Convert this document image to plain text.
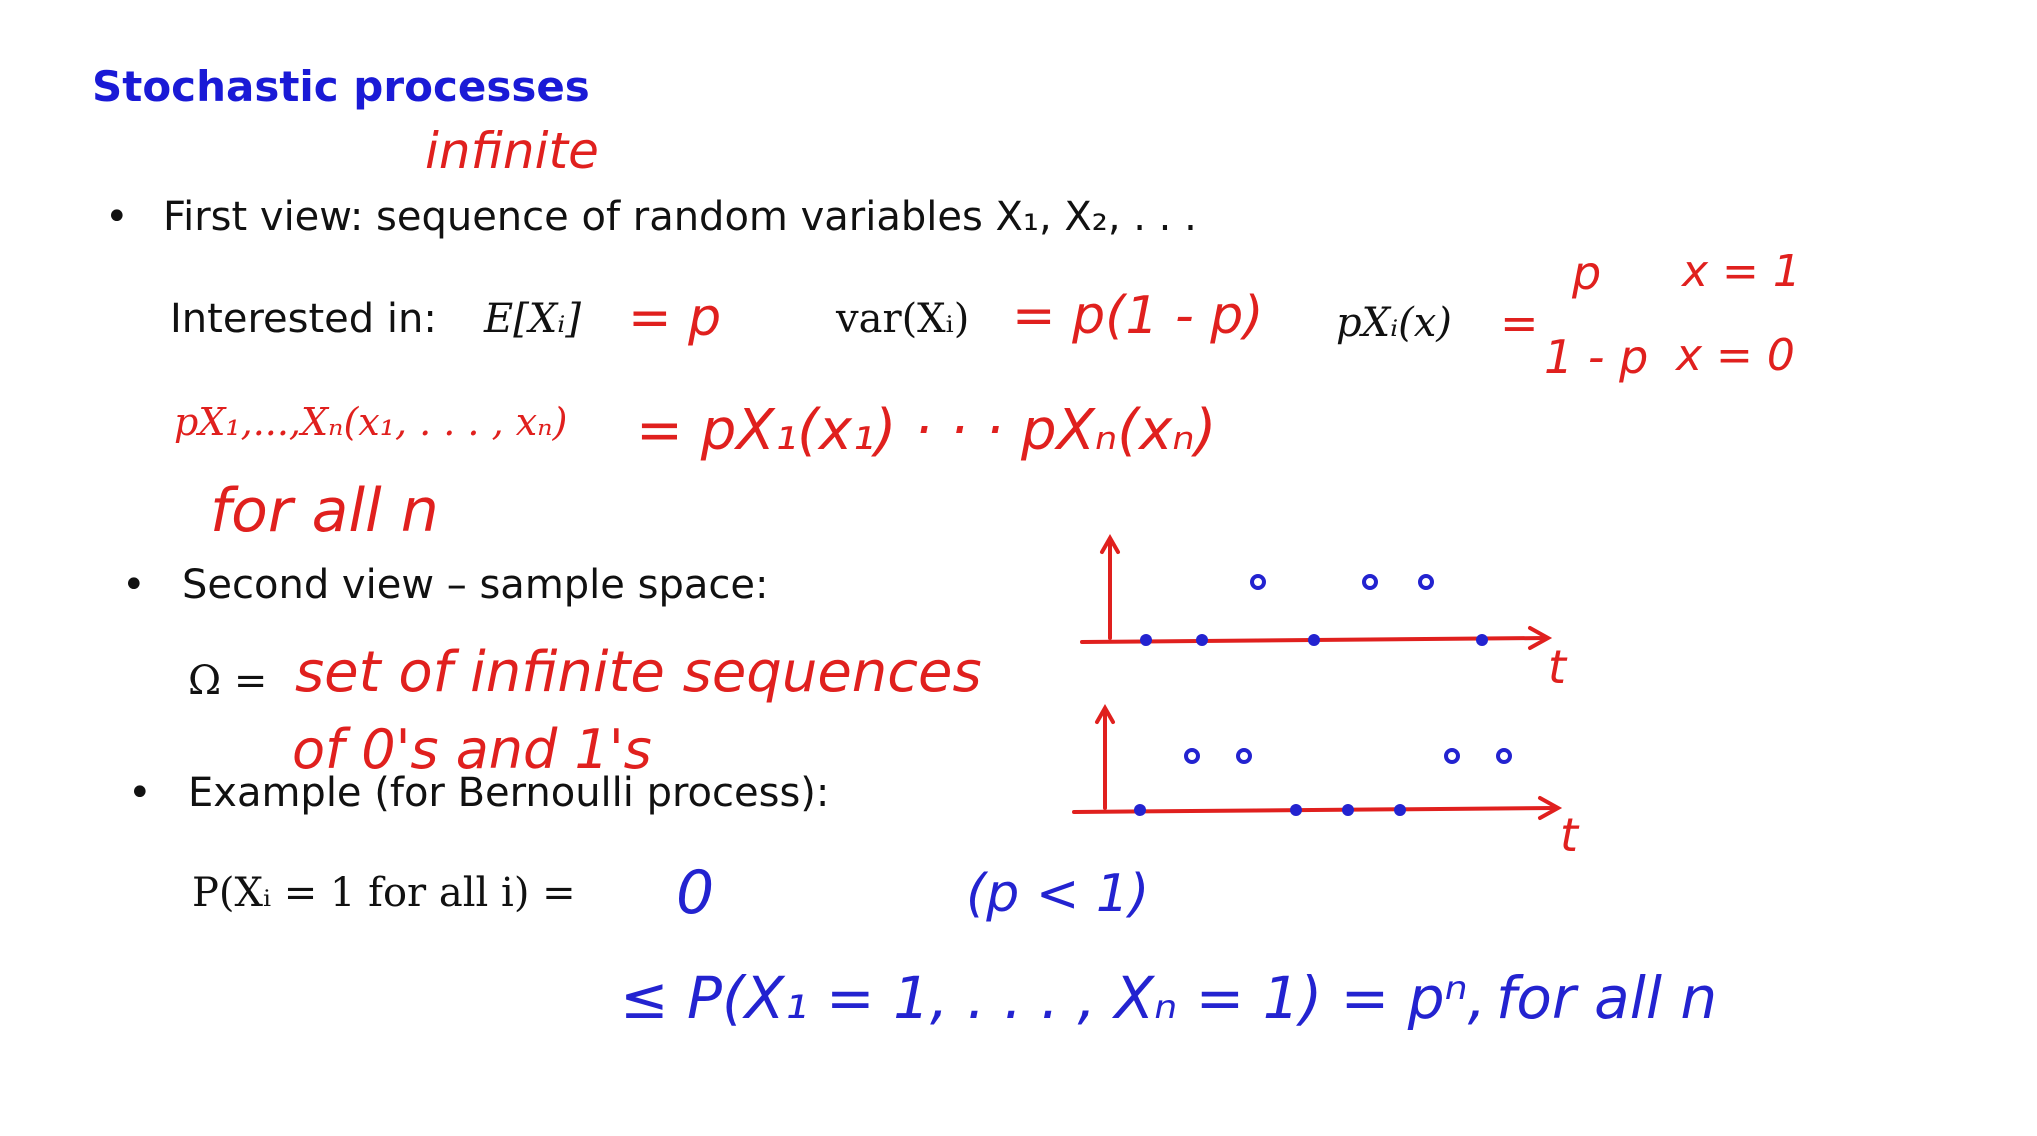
Stochastic processes
infinite
• First view: sequence of random variables X₁, X₂, . . .
Interested in: E[Xᵢ] = p	var(Xᵢ) = p(1 - p) pXᵢ(x) =
p x = 1
1 - p x = 0
pX₁,...,Xₙ(x₁, . . . , xₙ) = pX₁(x₁) · · · pXₙ(xₙ)
for all n
• Second view – sample space:
Ω = set of infinite sequences
of 0's and 1's
• Example (for Bernoulli process):
P(Xᵢ = 1 for all i) = 0	(p < 1)
≤ P(X₁ = 1, . . . , Xₙ = 1) = pⁿ, for all n
t
t
